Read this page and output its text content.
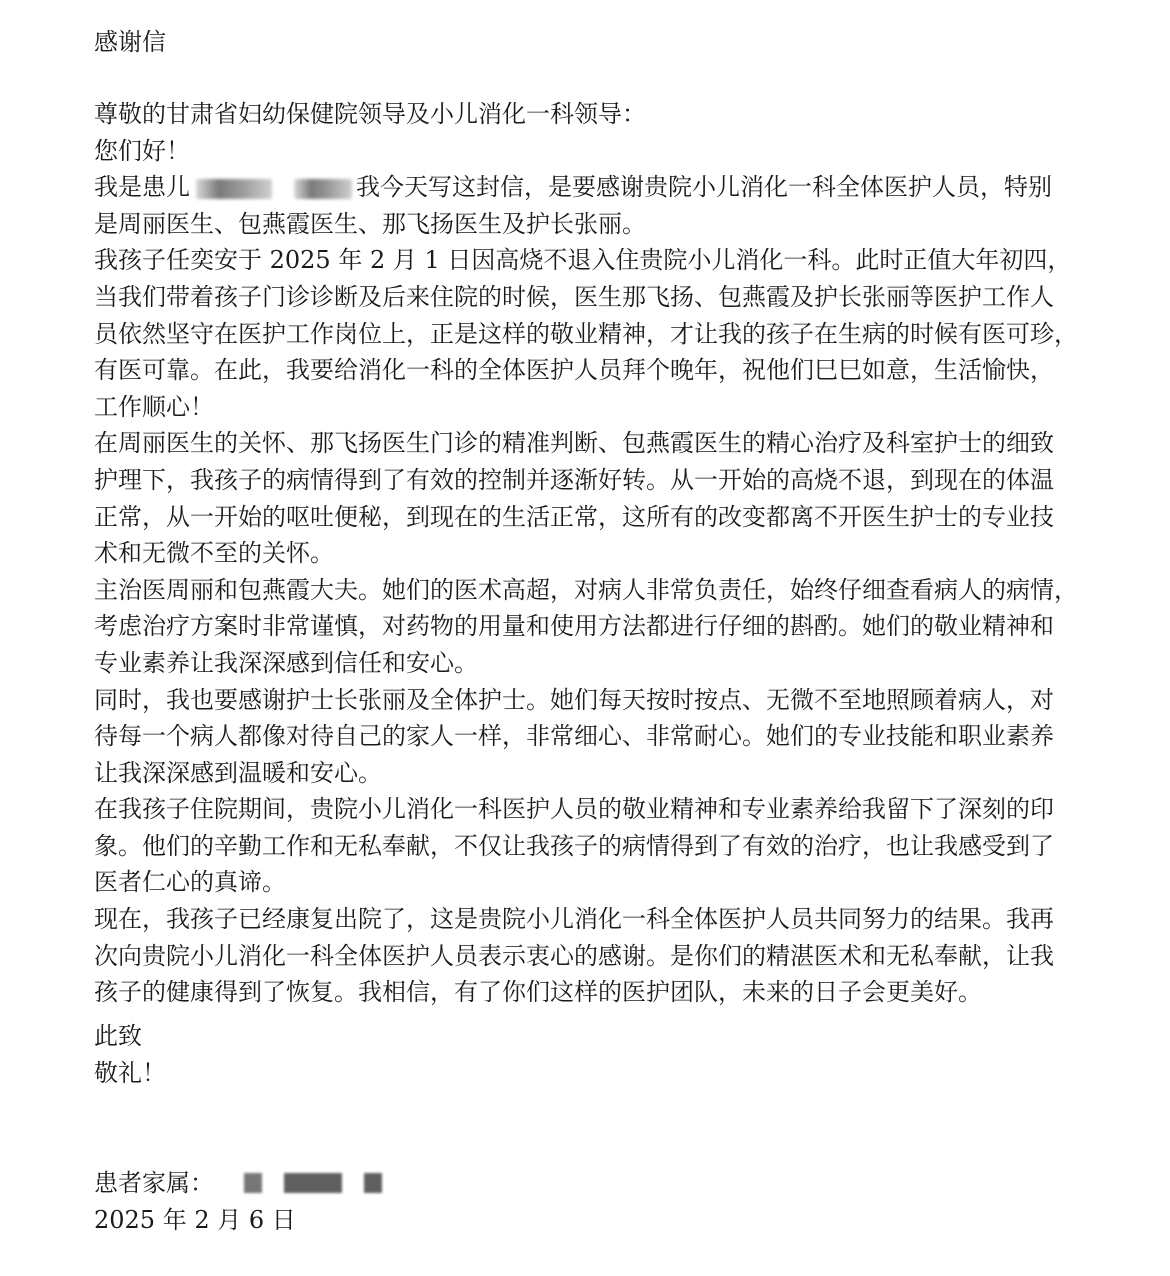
感谢信
尊敬的甘肃省妇幼保健院领导及小儿消化一科领导：
您们好！
我是患儿	我今天写这封信，是要感谢贵院小儿消化一科全体医护人员，特别
是周丽医生、包燕霞医生、那飞扬医生及护长张丽。
我孩子任奕安于 2025 年 2 月 1 日因高烧不退入住贵院小儿消化一科。此时正值大年初四，
当我们带着孩子门诊诊断及后来住院的时候，医生那飞扬、包燕霞及护长张丽等医护工作人
员依然坚守在医护工作岗位上，正是这样的敬业精神，才让我的孩子在生病的时候有医可珍，
有医可靠。在此，我要给消化一科的全体医护人员拜个晚年，祝他们巳巳如意，生活愉快，
工作顺心！
在周丽医生的关怀、那飞扬医生门诊的精准判断、包燕霞医生的精心治疗及科室护士的细致
护理下，我孩子的病情得到了有效的控制并逐渐好转。从一开始的高烧不退，到现在的体温
正常，从一开始的呕吐便秘，到现在的生活正常，这所有的改变都离不开医生护士的专业技
术和无微不至的关怀。
主治医周丽和包燕霞大夫。她们的医术高超，对病人非常负责任，始终仔细查看病人的病情，
考虑治疗方案时非常谨慎，对药物的用量和使用方法都进行仔细的斟酌。她们的敬业精神和
专业素养让我深深感到信任和安心。
同时，我也要感谢护士长张丽及全体护士。她们每天按时按点、无微不至地照顾着病人，对
待每一个病人都像对待自己的家人一样，非常细心、非常耐心。她们的专业技能和职业素养
让我深深感到温暖和安心。
在我孩子住院期间，贵院小儿消化一科医护人员的敬业精神和专业素养给我留下了深刻的印
象。他们的辛勤工作和无私奉献，不仅让我孩子的病情得到了有效的治疗，也让我感受到了
医者仁心的真谛。
现在，我孩子已经康复出院了，这是贵院小儿消化一科全体医护人员共同努力的结果。我再
次向贵院小儿消化一科全体医护人员表示衷心的感谢。是你们的精湛医术和无私奉献，让我
孩子的健康得到了恢复。我相信，有了你们这样的医护团队，未来的日子会更美好。
此致
敬礼！
患者家属：
2025 年 2 月 6 日
